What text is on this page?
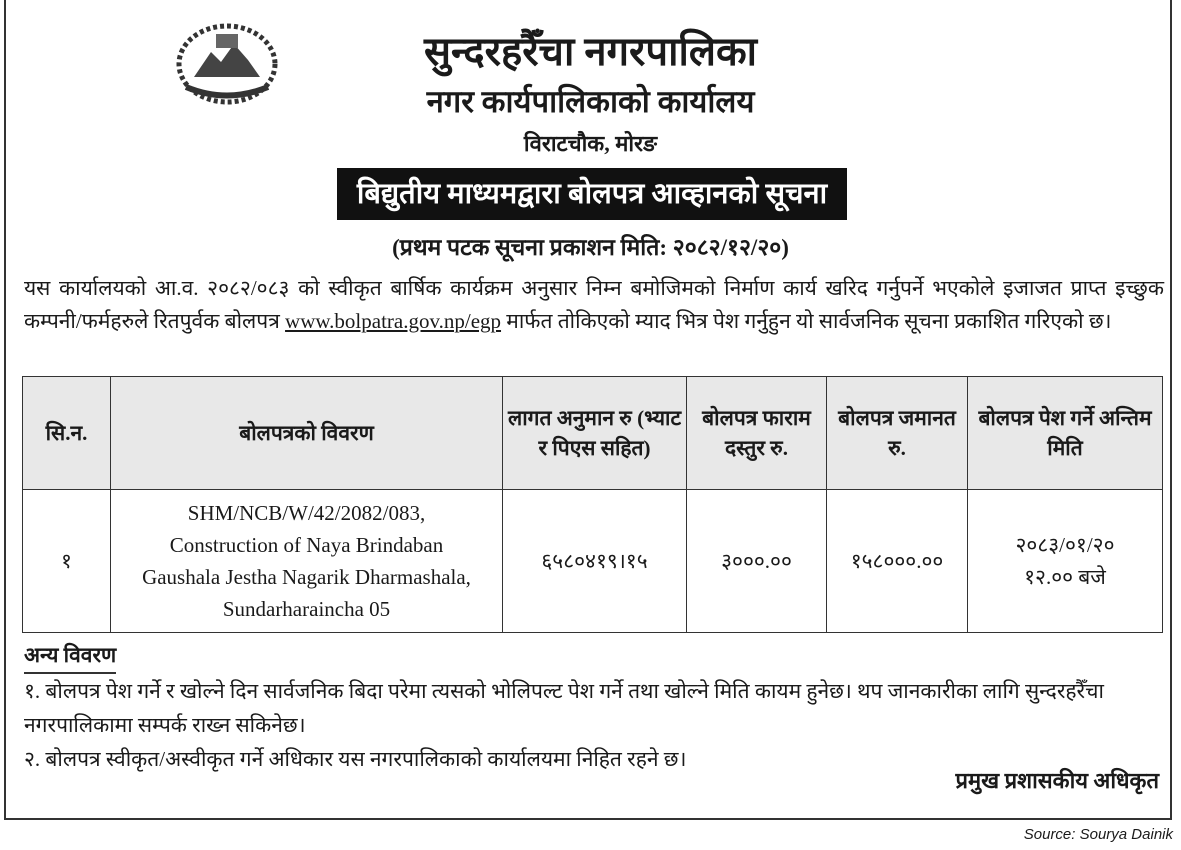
सुन्दरहरैँचा नगरपालिका
नगर कार्यपालिकाको कार्यालय
विराटचौक, मोरङ
बिद्युतीय माध्यमद्वारा बोलपत्र आव्हानको सूचना
(प्रथम पटक सूचना प्रकाशन मिति: २०८२/१२/२०)
यस कार्यालयको आ.व. २०८२/०८३ को स्वीकृत बार्षिक कार्यक्रम अनुसार निम्न बमोजिमको निर्माण कार्य खरिद गर्नुपर्ने भएकोले इजाजत प्राप्त इच्छुक कम्पनी/फर्महरुले रितपुर्वक बोलपत्र www.bolpatra.gov.np/egp मार्फत तोकिएको म्याद भित्र पेश गर्नुहुन यो सार्वजनिक सूचना प्रकाशित गरिएको छ।
सि.न.	बोलपत्रको विवरण	लागत अनुमान रु (भ्याट र पिएस सहित)	बोलपत्र फाराम दस्तुर रु.	बोलपत्र जमानत रु.	बोलपत्र पेश गर्ने अन्तिम मिति
१	SHM/NCB/W/42/2082/083, Construction of Naya Brindaban Gaushala Jestha Nagarik Dharmashala, Sundarharaincha 05	६५८०४१९।१५	३०००.००	१५८०००.००	२०८३/०१/२०
१२.०० बजे
अन्य विवरण
१. बोलपत्र पेश गर्ने र खोल्ने दिन सार्वजनिक बिदा परेमा त्यसको भोलिपल्ट पेश गर्ने तथा खोल्ने मिति कायम हुनेछ। थप जानकारीका लागि सुन्दरहरैँचा नगरपालिकामा सम्पर्क राख्न सकिनेछ।
२. बोलपत्र स्वीकृत/अस्वीकृत गर्ने अधिकार यस नगरपालिकाको कार्यालयमा निहित रहने छ।
प्रमुख प्रशासकीय अधिकृत
Source: Sourya Dainik
